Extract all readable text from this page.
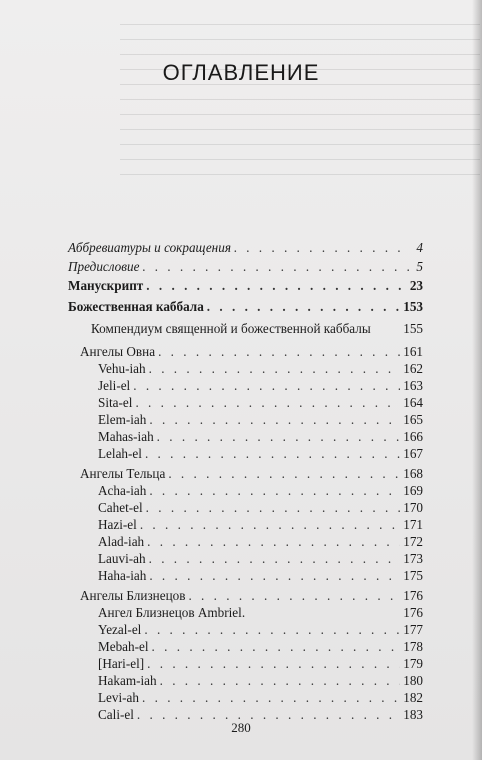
ОГЛАВЛЕНИЕ
Аббревиатуры и сокращения . . .	4
Предисловие . . .	5
Манускрипт . . .	23
Божественная каббала . . .	153
Компендиум священной и божественной каббалы 155
Ангелы Овна . . .	161
Vehu-iah . . .	162
Jeli-el . . .	163
Sita-el . . .	164
Elem-iah . . .	165
Mahas-iah . . .	166
Lelah-el . . .	167
Ангелы Тельца . . .	168
Acha-iah . . .	169
Cahet-el . . .	170
Hazi-el . . .	171
Alad-iah . . .	172
Lauvi-ah . . .	173
Haha-iah . . .	175
Ангелы Близнецов . . .	176
Ангел Близнецов Ambriel.	176
Yezal-el . . .	177
Mebah-el . . .	178
[Hari-el] . . .	179
Hakam-iah . . .	180
Levi-ah . . .	182
Cali-el . . .	183
280
